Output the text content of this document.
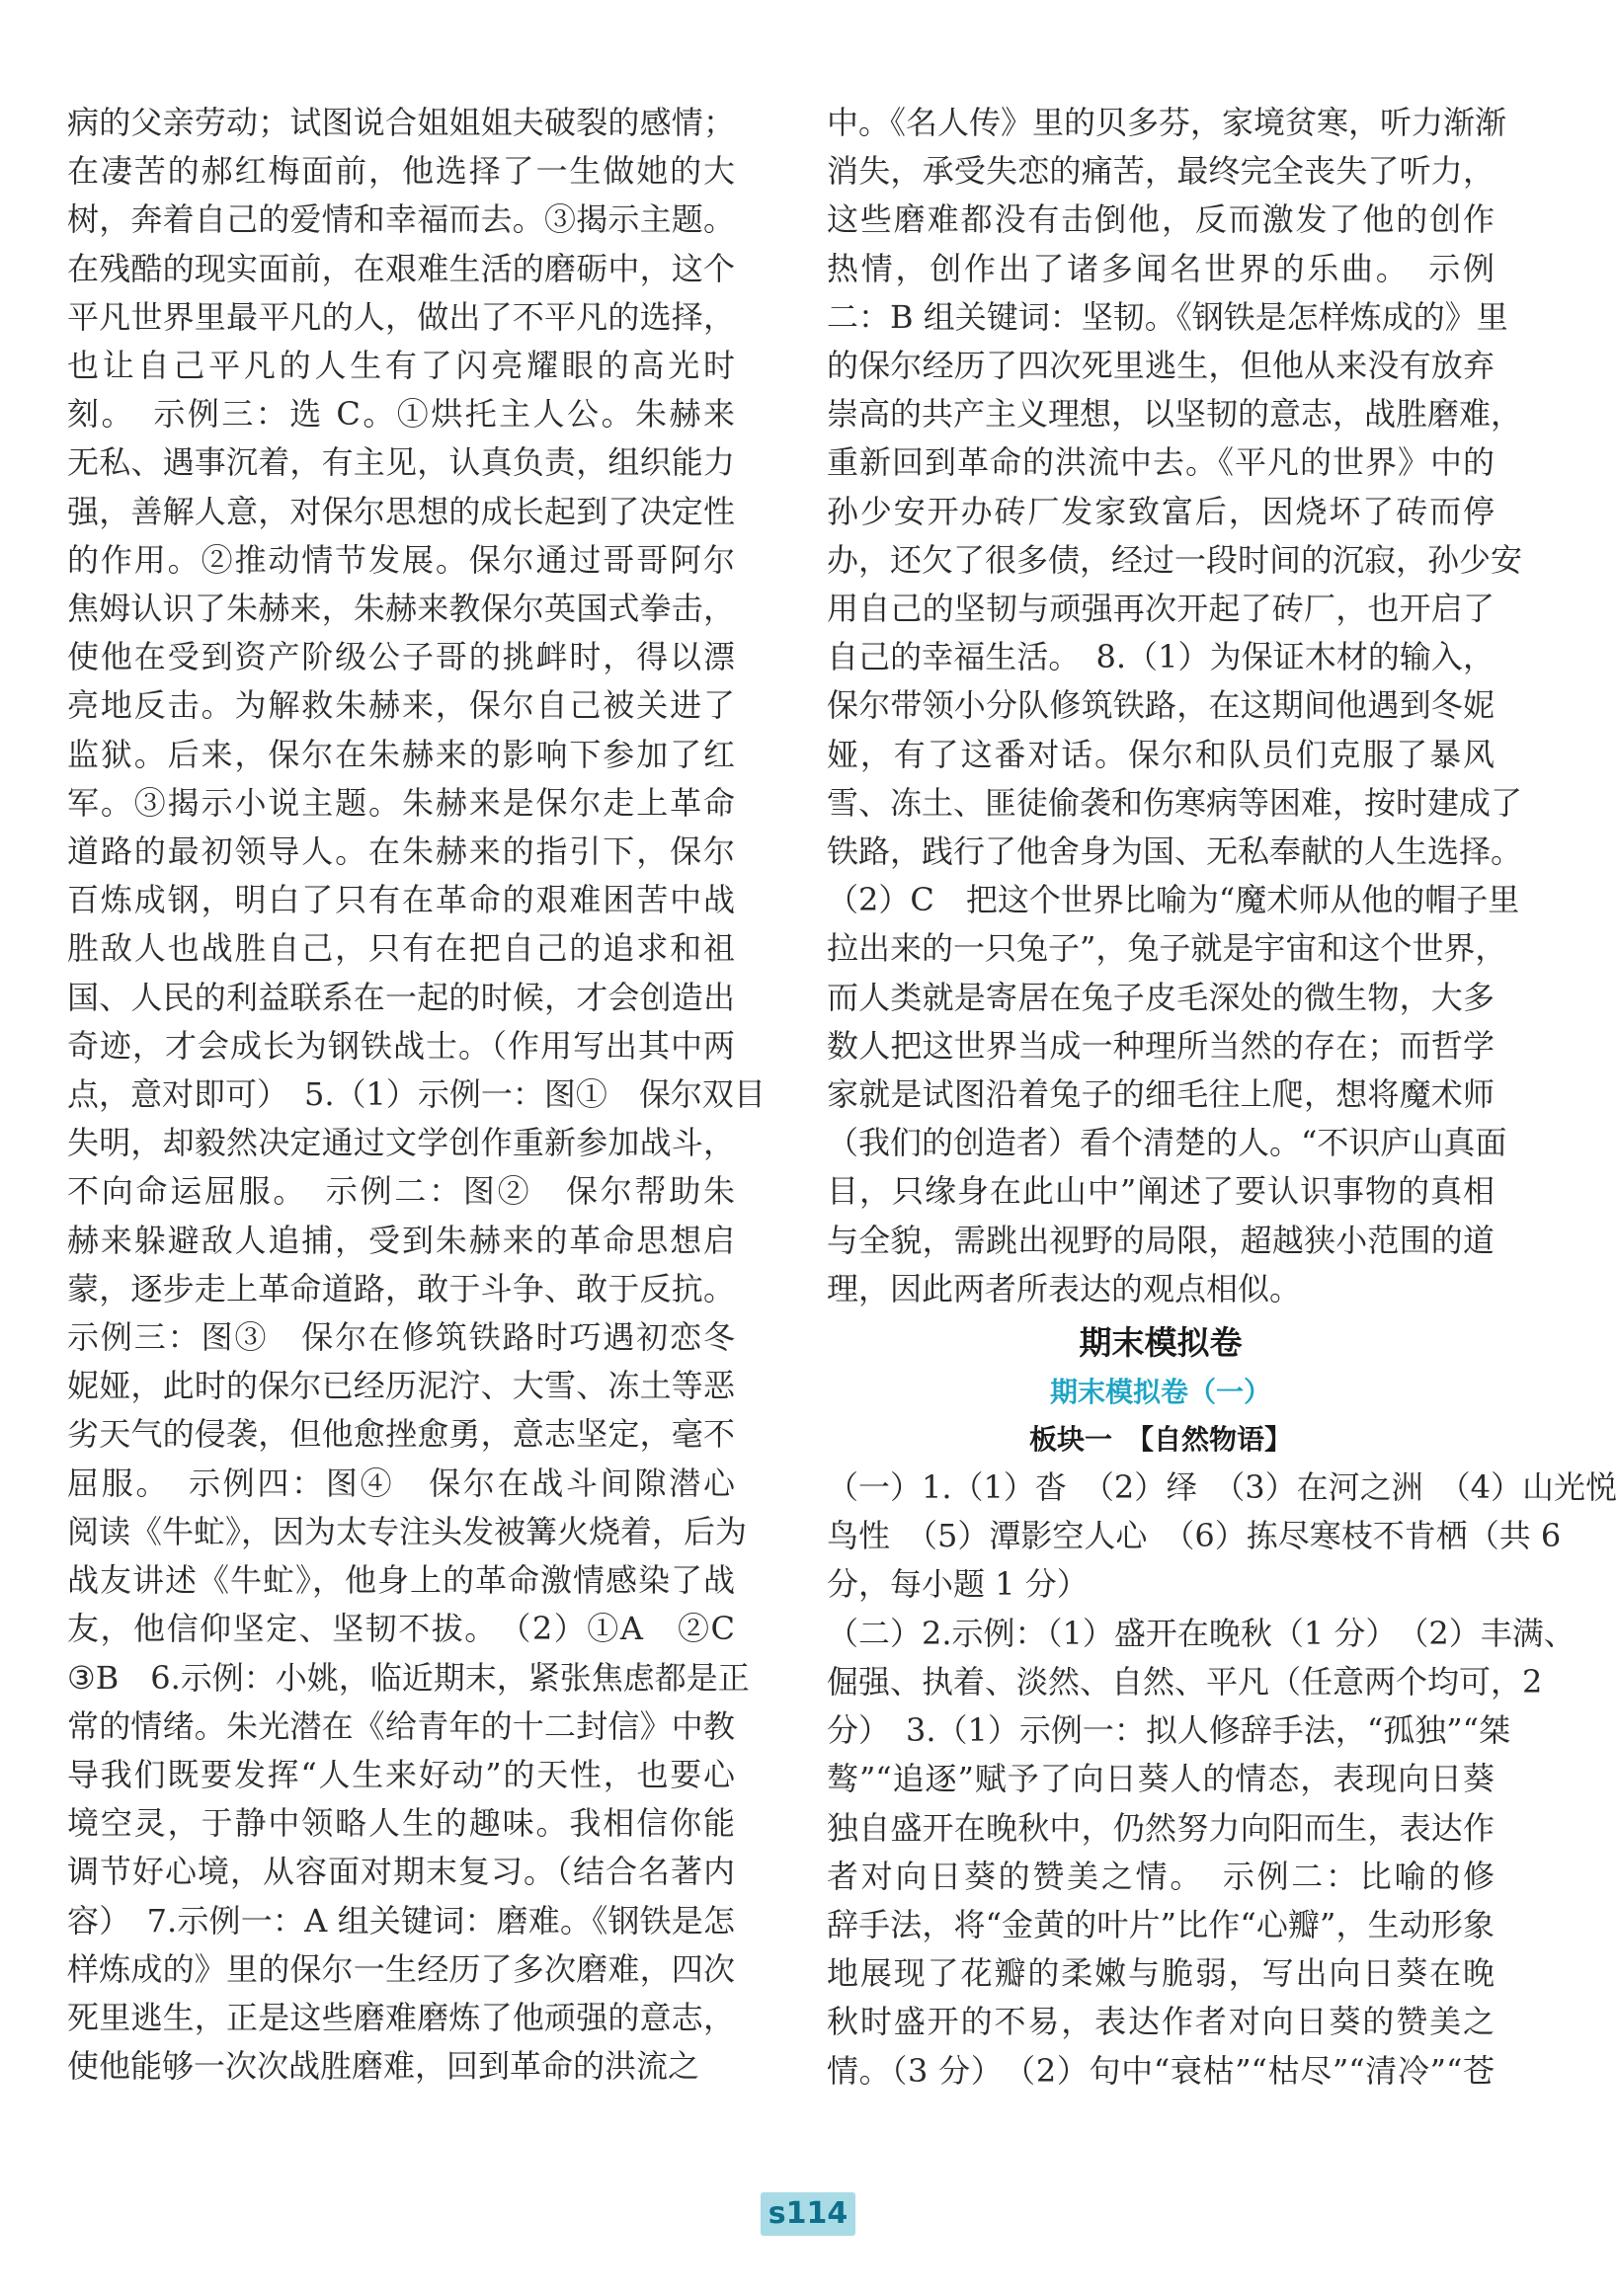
病的父亲劳动；试图说合姐姐姐夫破裂的感情；
在凄苦的郝红梅面前，他选择了一生做她的大
树，奔着自己的爱情和幸福而去。③揭示主题。
在残酷的现实面前，在艰难生活的磨砺中，这个
平凡世界里最平凡的人，做出了不平凡的选择，
也让自己平凡的人生有了闪亮耀眼的高光时
刻。　示例三：选 C。①烘托主人公。朱赫来
无私、遇事沉着，有主见，认真负责，组织能力
强，善解人意，对保尔思想的成长起到了决定性
的作用。②推动情节发展。保尔通过哥哥阿尔
焦姆认识了朱赫来，朱赫来教保尔英国式拳击，
使他在受到资产阶级公子哥的挑衅时，得以漂
亮地反击。为解救朱赫来，保尔自己被关进了
监狱。后来，保尔在朱赫来的影响下参加了红
军。③揭示小说主题。朱赫来是保尔走上革命
道路的最初领导人。在朱赫来的指引下，保尔
百炼成钢，明白了只有在革命的艰难困苦中战
胜敌人也战胜自己，只有在把自己的追求和祖
国、人民的利益联系在一起的时候，才会创造出
奇迹，才会成长为钢铁战士。（作用写出其中两
点，意对即可）　5.（1）示例一：图①　保尔双目
失明，却毅然决定通过文学创作重新参加战斗，
不向命运屈服。　示例二：图②　保尔帮助朱
赫来躲避敌人追捕，受到朱赫来的革命思想启
蒙，逐步走上革命道路，敢于斗争、敢于反抗。
示例三：图③　保尔在修筑铁路时巧遇初恋冬
妮娅，此时的保尔已经历泥泞、大雪、冻土等恶
劣天气的侵袭，但他愈挫愈勇，意志坚定，毫不
屈服。　示例四：图④　保尔在战斗间隙潜心
阅读《牛虻》，因为太专注头发被篝火烧着，后为
战友讲述《牛虻》，他身上的革命激情感染了战
友，他信仰坚定、坚韧不拔。　（2）①A　②C
③B　6.示例：小姚，临近期末，紧张焦虑都是正
常的情绪。朱光潜在《给青年的十二封信》中教
导我们既要发挥“人生来好动”的天性，也要心
境空灵，于静中领略人生的趣味。我相信你能
调节好心境，从容面对期末复习。（结合名著内
容）　7.示例一：A 组关键词：磨难。《钢铁是怎
样炼成的》里的保尔一生经历了多次磨难，四次
死里逃生，正是这些磨难磨炼了他顽强的意志，
使他能够一次次战胜磨难，回到革命的洪流之
中。《名人传》里的贝多芬，家境贫寒，听力渐渐
消失，承受失恋的痛苦，最终完全丧失了听力，
这些磨难都没有击倒他，反而激发了他的创作
热情，创作出了诸多闻名世界的乐曲。　示例
二：B 组关键词：坚韧。《钢铁是怎样炼成的》里
的保尔经历了四次死里逃生，但他从来没有放弃
崇高的共产主义理想，以坚韧的意志，战胜磨难，
重新回到革命的洪流中去。《平凡的世界》中的
孙少安开办砖厂发家致富后，因烧坏了砖而停
办，还欠了很多债，经过一段时间的沉寂，孙少安
用自己的坚韧与顽强再次开起了砖厂，也开启了
自己的幸福生活。　8.（1）为保证木材的输入，
保尔带领小分队修筑铁路，在这期间他遇到冬妮
娅，有了这番对话。保尔和队员们克服了暴风
雪、冻土、匪徒偷袭和伤寒病等困难，按时建成了
铁路，践行了他舍身为国、无私奉献的人生选择。
（2）C　把这个世界比喻为“魔术师从他的帽子里
拉出来的一只兔子”，兔子就是宇宙和这个世界，
而人类就是寄居在兔子皮毛深处的微生物，大多
数人把这世界当成一种理所当然的存在；而哲学
家就是试图沿着兔子的细毛往上爬，想将魔术师
（我们的创造者）看个清楚的人。“不识庐山真面
目，只缘身在此山中”阐述了要认识事物的真相
与全貌，需跳出视野的局限，超越狭小范围的道
理，因此两者所表达的观点相似。
期末模拟卷
期末模拟卷（一）
板块一　【自然物语】
（一）1.（1）沓　（2）绎　（3）在河之洲　（4）山光悦
鸟性　（5）潭影空人心　（6）拣尽寒枝不肯栖（共 6
分，每小题 1 分）
（二）2.示例：（1）盛开在晚秋（1 分）　（2）丰满、
倔强、执着、淡然、自然、平凡（任意两个均可，2
分）　3.（1）示例一：拟人修辞手法，“孤独”“桀
骜”“追逐”赋予了向日葵人的情态，表现向日葵
独自盛开在晚秋中，仍然努力向阳而生，表达作
者对向日葵的赞美之情。　示例二：比喻的修
辞手法，将“金黄的叶片”比作“心瓣”，生动形象
地展现了花瓣的柔嫩与脆弱，写出向日葵在晚
秋时盛开的不易，表达作者对向日葵的赞美之
情。（3 分）　（2）句中“衰枯”“枯尽”“清冷”“苍
s114
